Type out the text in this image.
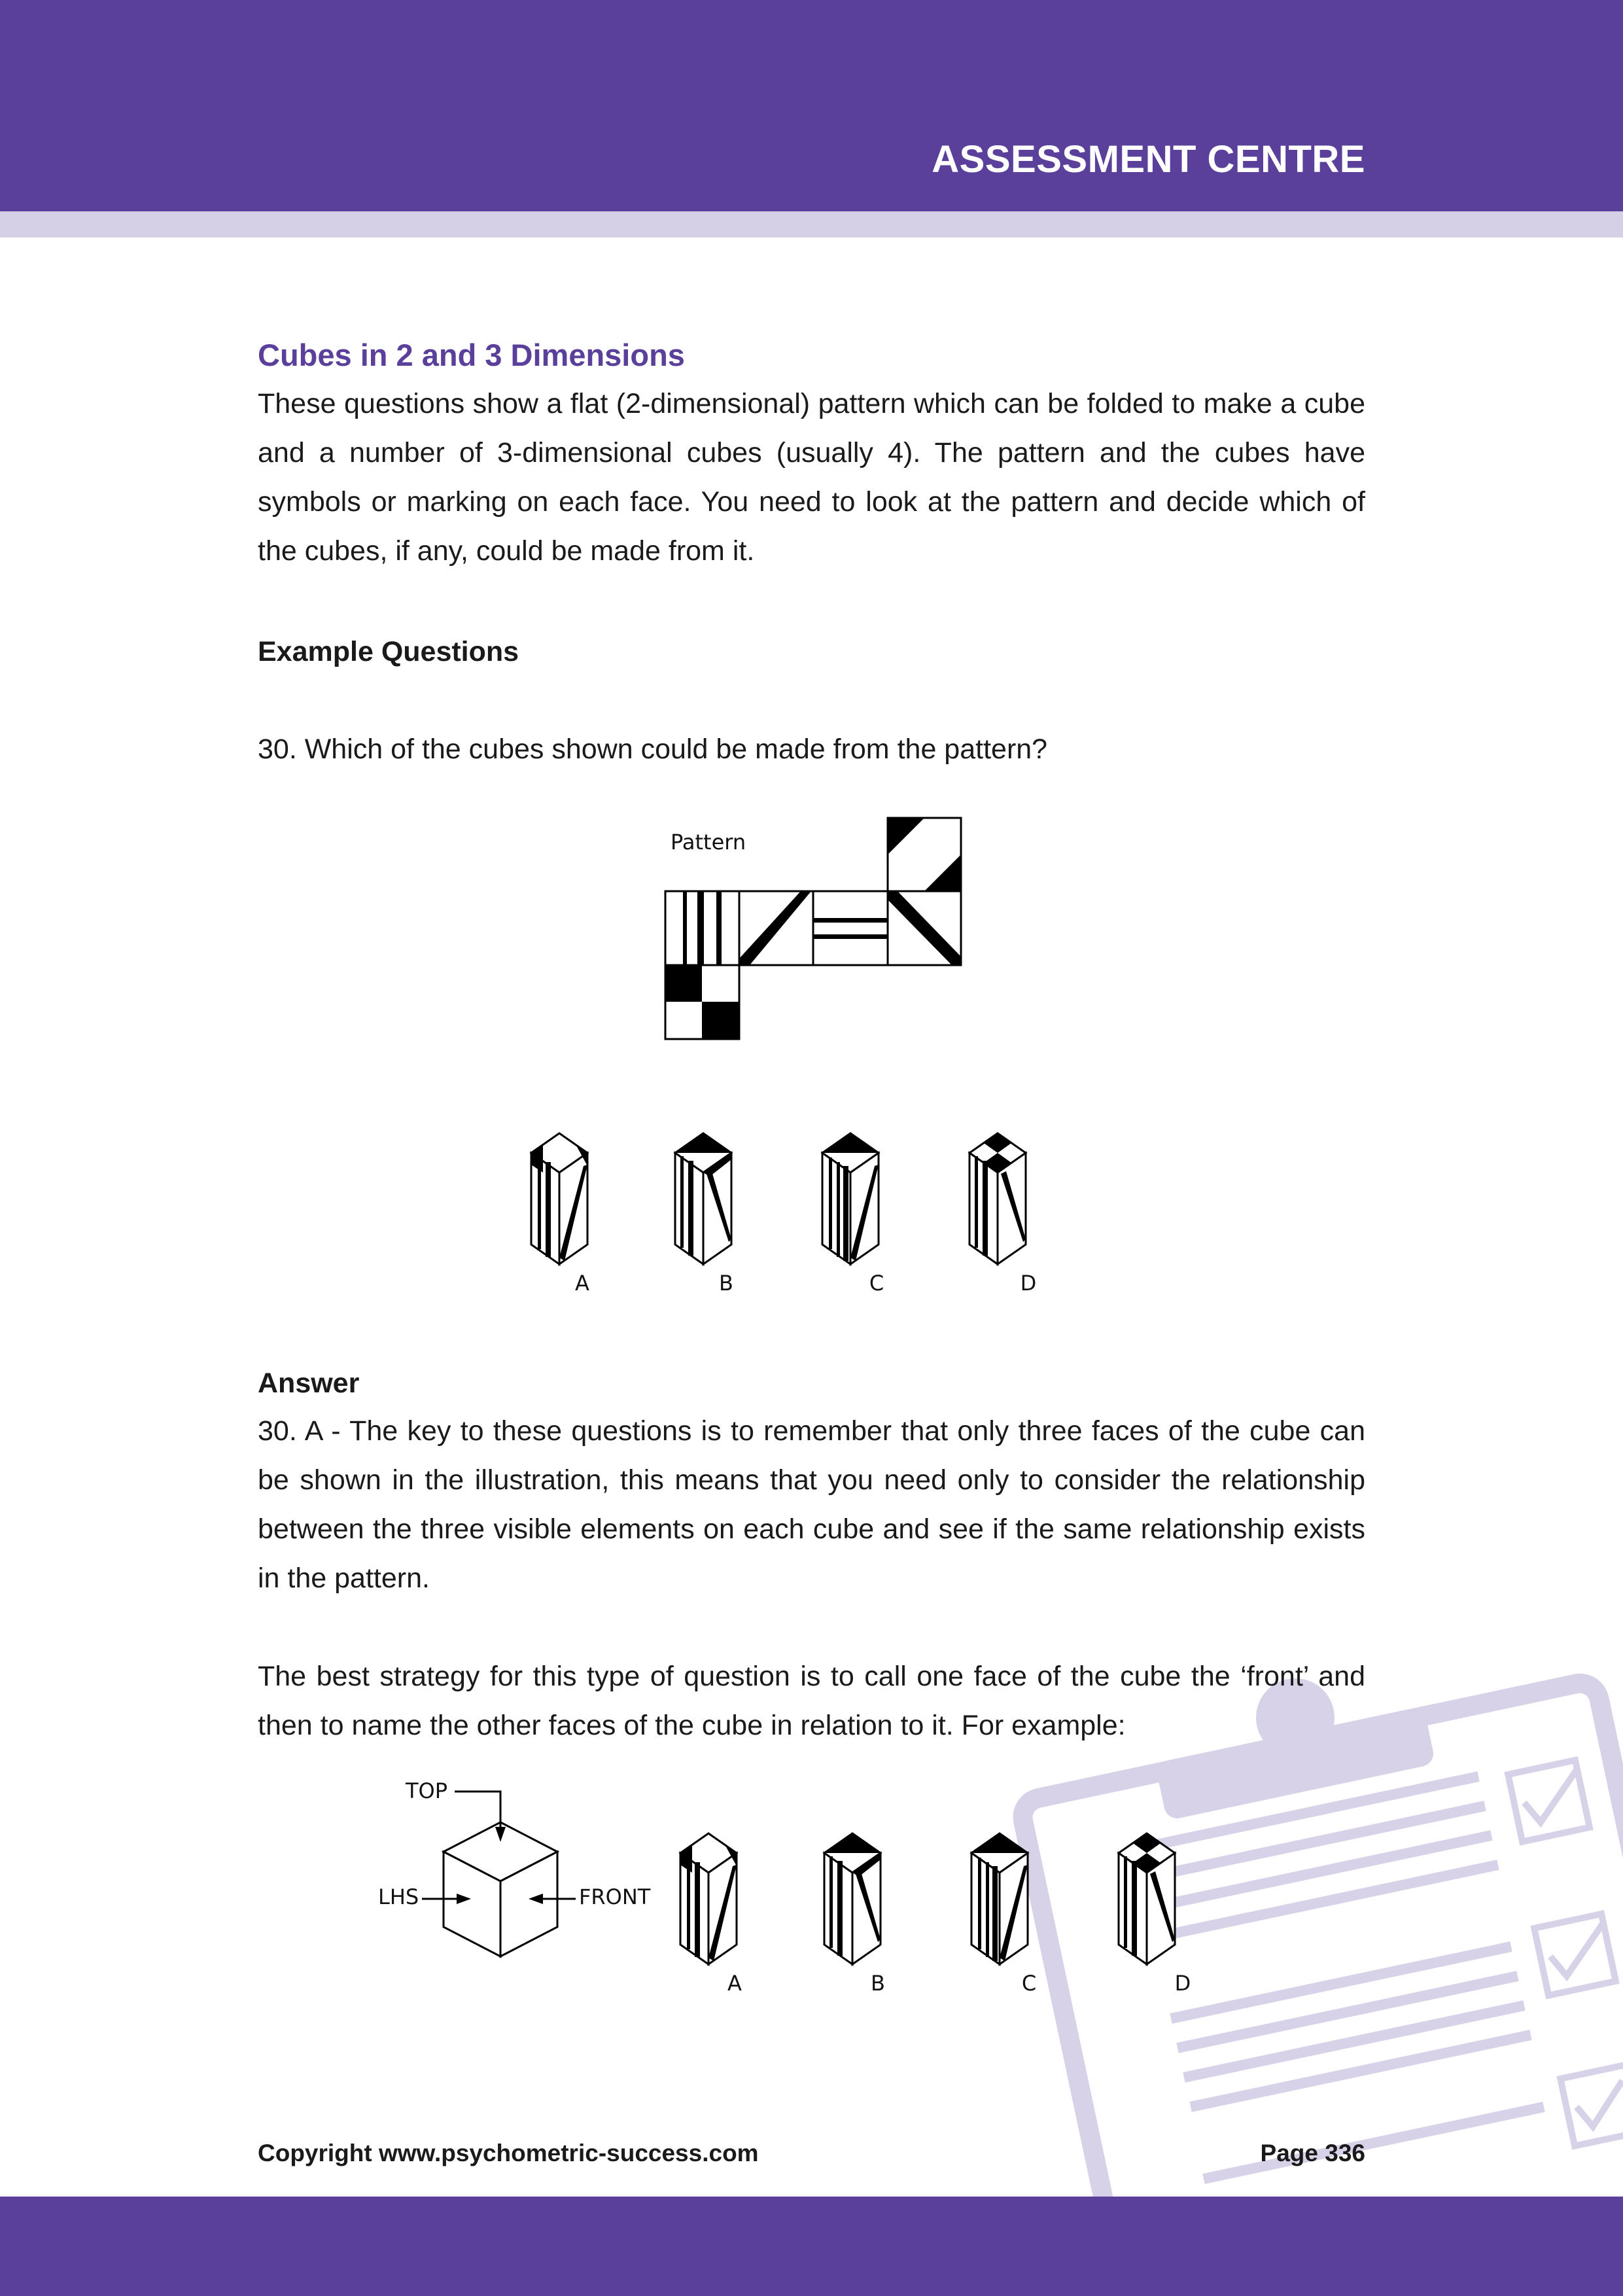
ASSESSMENT CENTRE
Cubes in 2 and 3 Dimensions
These questions show a flat (2-dimensional) pattern which can be folded to make a cube and a number of 3-dimensional cubes (usually 4). The pattern and the cubes have symbols or marking on each face. You need to look at the pattern and decide which of the cubes, if any, could be made from it.
Example Questions
30. Which of the cubes shown could be made from the pattern?
Pattern
A	B	C	D
Answer
30. A - The key to these questions is to remember that only three faces of the cube can be shown in the illustration, this means that you need only to consider the relationship between the three visible elements on each cube and see if the same relationship exists in the pattern.
The best strategy for this type of question is to call one face of the cube the ‘front’ and then to name the other faces of the cube in relation to it. For example:
TOP
LHS	FRONT
A	B	C	D
Copyright www.psychometric-success.com	Page 336
